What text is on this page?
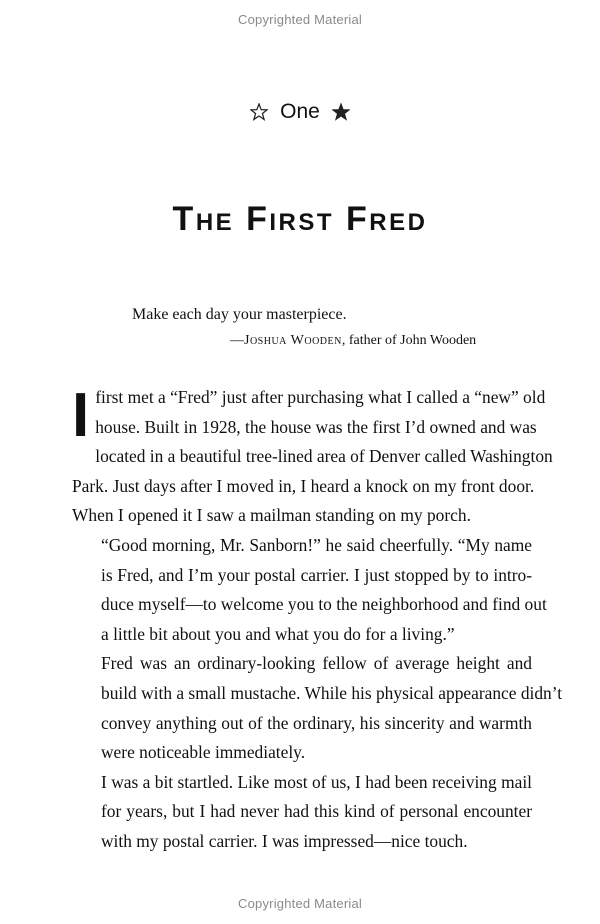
Copyrighted Material
One
The First Fred
Make each day your masterpiece.
—Joshua Wooden, father of John Wooden

I first met a “Fred” just after purchasing what I called a “new” old
house. Built in 1928, the house was the first I’d owned and was
located in a beautiful tree-lined area of Denver called Washington
Park. Just days after I moved in, I heard a knock on my front door.
When I opened it I saw a mailman standing on my porch.

“Good morning, Mr. Sanborn!” he said cheerfully. “My name
is Fred, and I’m your postal carrier. I just stopped by to intro-
duce myself—to welcome you to the neighborhood and find out
a little bit about you and what you do for a living.”

Fred was an ordinary-looking fellow of average height and
build with a small mustache. While his physical appearance didn’t
convey anything out of the ordinary, his sincerity and warmth
were noticeable immediately.

I was a bit startled. Like most of us, I had been receiving mail
for years, but I had never had this kind of personal encounter
with my postal carrier. I was impressed—nice touch.

Copyrighted Material
